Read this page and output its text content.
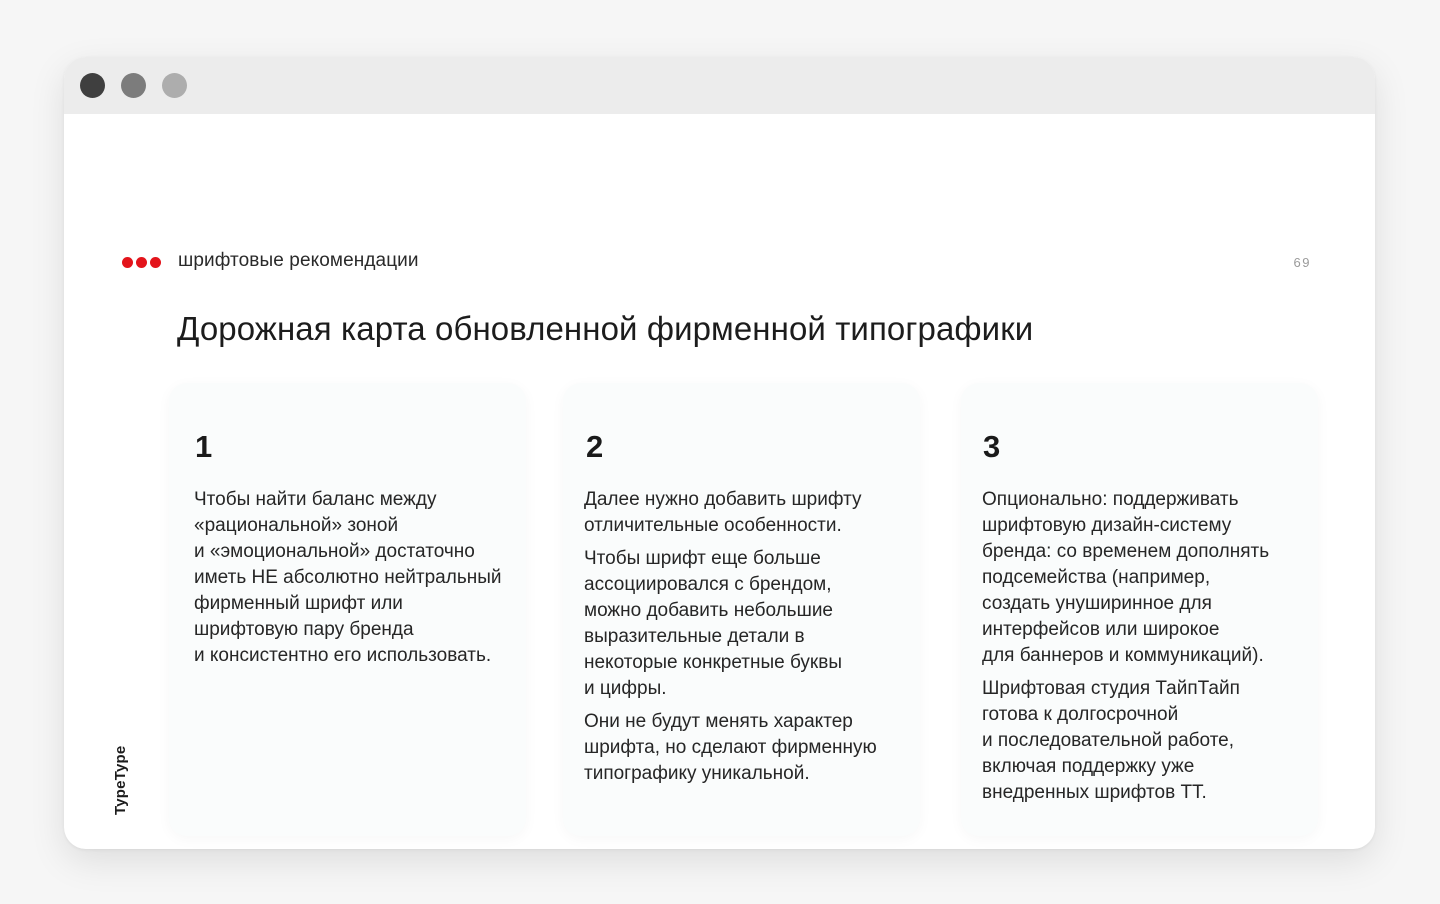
шрифтовые рекомендации	69
Дорожная карта обновленной фирменной типографики
1

Чтобы найти баланс между
«рациональной» зоной
и «эмоциональной» достаточно
иметь НЕ абсолютно нейтральный
фирменный шрифт или
шрифтовую пару бренда
и консистентно его использовать.

2

Далее нужно добавить шрифту
отличительные особенности.

Чтобы шрифт еще больше
ассоциировался с брендом,
можно добавить небольшие
выразительные детали в
некоторые конкретные буквы
и цифры.

Они не будут менять характер
шрифта, но сделают фирменную
типографику уникальной.

3

Опционально: поддерживать
шрифтовую дизайн-систему
бренда: со временем дополнять
подсемейства (например,
создать унуширинное для
интерфейсов или широкое
для баннеров и коммуникаций).

Шрифтовая студия ТайпТайп
готова к долгосрочной
и последовательной работе,
включая поддержку уже
внедренных шрифтов TT.

TypeType
